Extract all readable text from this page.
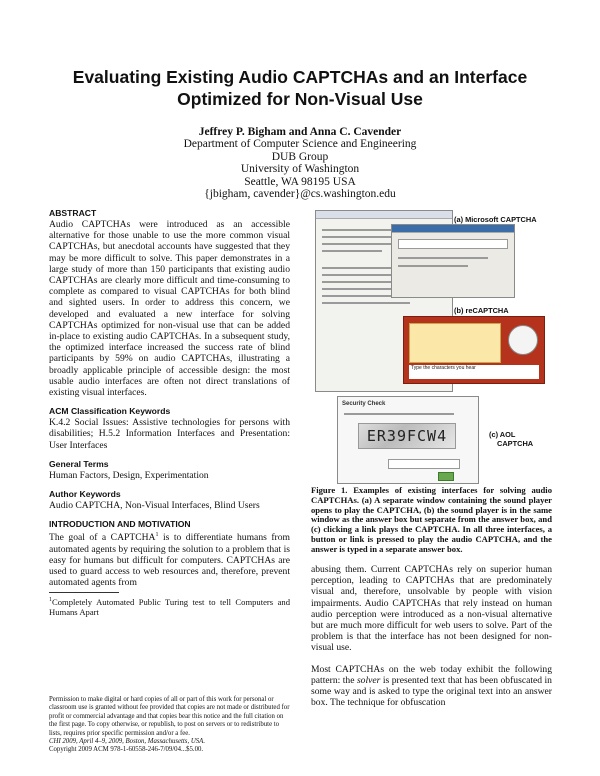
Evaluating Existing Audio CAPTCHAs and an Interface
Optimized for Non-Visual Use
Jeffrey P. Bigham and Anna C. Cavender
Department of Computer Science and Engineering
DUB Group
University of Washington
Seattle, WA 98195 USA
{jbigham, cavender}@cs.washington.edu
ABSTRACT
Audio CAPTCHAs were introduced as an accessible alternative for those unable to use the more common visual CAPTCHAs, but anecdotal accounts have suggested that they may be more difficult to solve. This paper demonstrates in a large study of more than 150 participants that existing audio CAPTCHAs are clearly more difficult and time-consuming to complete as compared to visual CAPTCHAs for both blind and sighted users. In order to address this concern, we developed and evaluated a new interface for solving CAPTCHAs optimized for non-visual use that can be added in-place to existing audio CAPTCHAs. In a subsequent study, the optimized interface increased the success rate of blind participants by 59% on audio CAPTCHAs, illustrating a broadly applicable principle of accessible design: the most usable audio interfaces are often not direct translations of existing visual interfaces.
ACM Classification Keywords
K.4.2 Social Issues: Assistive technologies for persons with disabilities; H.5.2 Information Interfaces and Presentation: User Interfaces
General Terms
Human Factors, Design, Experimentation
Author Keywords
Audio CAPTCHA, Non-Visual Interfaces, Blind Users
INTRODUCTION AND MOTIVATION
The goal of a CAPTCHA$^1$ is to differentiate humans from automated agents by requiring the solution to a problem that is easy for humans but difficult for computers. CAPTCHAs are used to guard access to web resources and, therefore, prevent automated agents from
$^1$Completely Automated Public Turing test to tell Computers and Humans Apart
Permission to make digital or hard copies of all or part of this work for personal or classroom use is granted without fee provided that copies are not made or distributed for profit or commercial advantage and that copies bear this notice and the full citation on the first page. To copy otherwise, or republish, to post on servers or to redistribute to lists, requires prior specific permission and/or a fee.
CHI 2009, April 4–9, 2009, Boston, Massachusetts, USA.
Copyright 2009 ACM 978-1-60558-246-7/09/04...$5.00.
(a) Microsoft CAPTCHA
(b) reCAPTCHA
Type the characters you hear
Security Check
ER39FCW4	(c) AOL
CAPTCHA
Figure 1. Examples of existing interfaces for solving audio CAPTCHAs. (a) A separate window containing the sound player opens to play the CAPTCHA, (b) the sound player is in the same window as the answer box but separate from the answer box, and (c) clicking a link plays the CAPTCHA. In all three interfaces, a button or link is pressed to play the audio CAPTCHA, and the answer is typed in a separate answer box.
abusing them. Current CAPTCHAs rely on superior human perception, leading to CAPTCHAs that are predominately visual and, therefore, unsolvable by people with vision impairments. Audio CAPTCHAs that rely instead on human audio perception were introduced as a non-visual alternative but are much more difficult for web users to solve. Part of the problem is that the interface has not been designed for non-visual use.
Most CAPTCHAs on the web today exhibit the following pattern: the solver is presented text that has been obfuscated in some way and is asked to type the original text into an answer box. The technique for obfuscation
